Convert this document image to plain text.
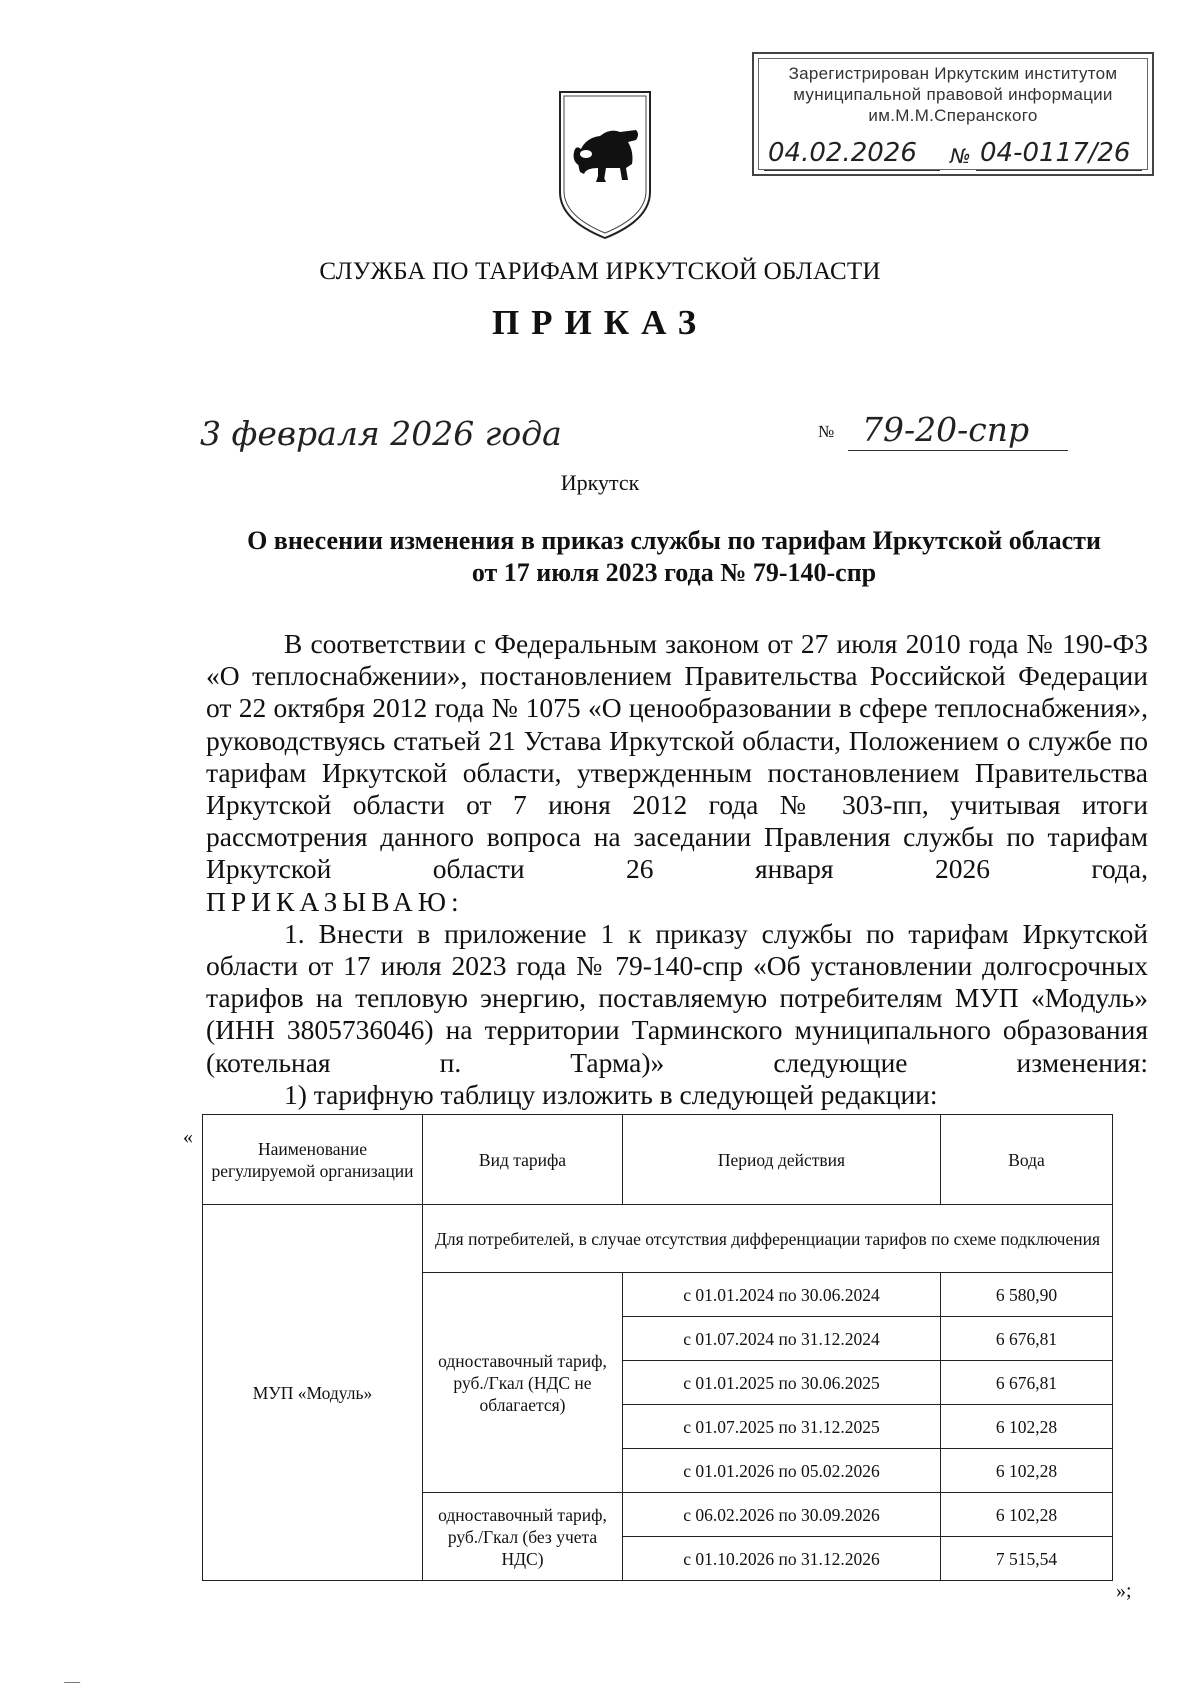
Зарегистрирован Иркутским институтом
муниципальной правовой информации
им.М.М.Сперанского
04.02.2026 № 04-0117/26
СЛУЖБА ПО ТАРИФАМ ИРКУТСКОЙ ОБЛАСТИ
ПРИКАЗ
3 февраля 2026 года	№ 79-20-спр
Иркутск
О внесении изменения в приказ службы по тарифам Иркутской области
от 17 июля 2023 года № 79-140-спр

В соответствии с Федеральным законом от 27 июля 2010 года № 190-ФЗ «О теплоснабжении», постановлением Правительства Российской Федерации от 22 октября 2012 года № 1075 «О ценообразовании в сфере теплоснабжения», руководствуясь статьей 21 Устава Иркутской области, Положением о службе по тарифам Иркутской области, утвержденным постановлением Правительства Иркутской области от 7 июня 2012 года № 303-пп, учитывая итоги рассмотрения данного вопроса на заседании Правления службы по тарифам Иркутской области 26 января 2026 года,

ПРИКАЗЫВАЮ:

1. Внести в приложение 1 к приказу службы по тарифам Иркутской области от 17 июля 2023 года № 79-140-спр «Об установлении долгосрочных тарифов на тепловую энергию, поставляемую потребителям МУП «Модуль» (ИНН 3805736046) на территории Тарминского муниципального образования (котельная п. Тарма)» следующие изменения:

1) тарифную таблицу изложить в следующей редакции:

«
Наименование регулируемой организации	Вид тарифа	Период действия	Вода
МУП «Модуль»	Для потребителей, в случае отсутствия дифференциации тарифов по схеме подключения		
	одноставочный тариф, руб./Гкал (НДС не облагается)	с 01.01.2024 по 30.06.2024	6 580,90
		с 01.07.2024 по 31.12.2024	6 676,81
		с 01.01.2025 по 30.06.2025	6 676,81
		с 01.07.2025 по 31.12.2025	6 102,28
		с 01.01.2026 по 05.02.2026	6 102,28
	одноставочный тариф, руб./Гкал (без учета НДС)	с 06.02.2026 по 30.09.2026	6 102,28
		с 01.10.2026 по 31.12.2026	7 515,54
»;
